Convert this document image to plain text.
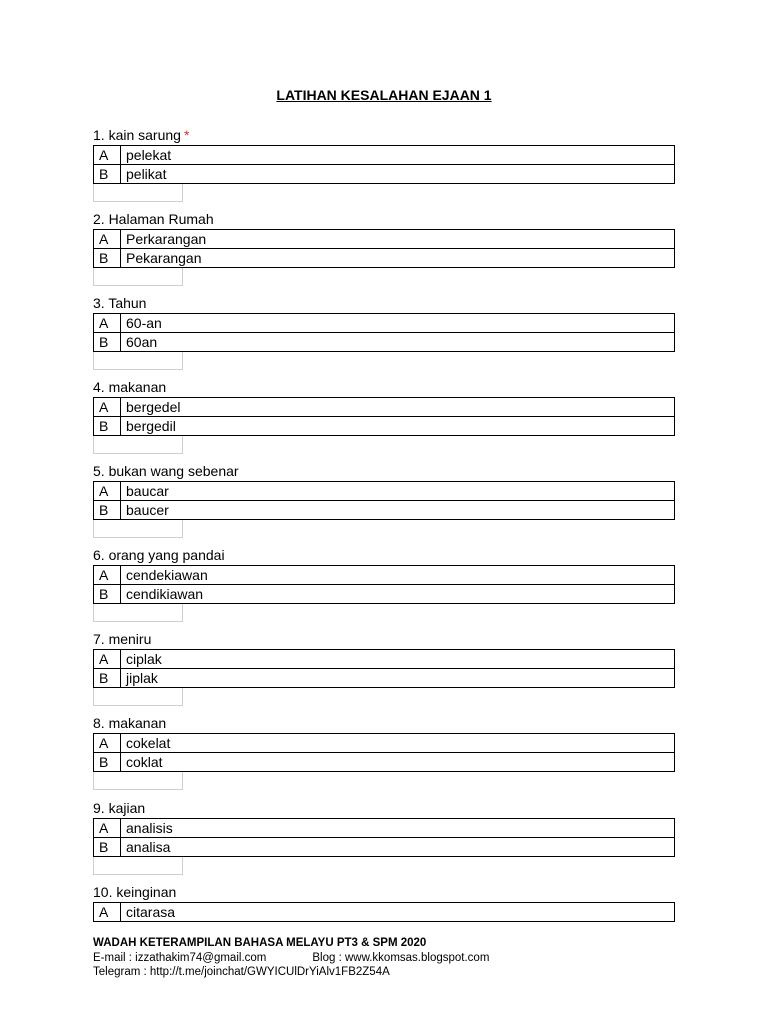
LATIHAN KESALAHAN EJAAN 1
1. kain sarung *
A	pelekat
B	pelikat
2. Halaman Rumah
A	Perkarangan
B	Pekarangan
3. Tahun
A	60-an
B	60an
4. makanan
A	bergedel
B	bergedil
5. bukan wang sebenar
A	baucar
B	baucer
6. orang yang pandai
A	cendekiawan
B	cendikiawan
7. meniru
A	ciplak
B	jiplak
8. makanan
A	cokelat
B	coklat
9. kajian
A	analisis
B	analisa
10. keinginan
A	citarasa
WADAH KETERAMPILAN BAHASA MELAYU PT3 & SPM 2020
E-mail : izzathakim74@gmail.com	Blog : www.kkomsas.blogspot.com
Telegram : http://t.me/joinchat/GWYICUlDrYiAlv1FB2Z54A
